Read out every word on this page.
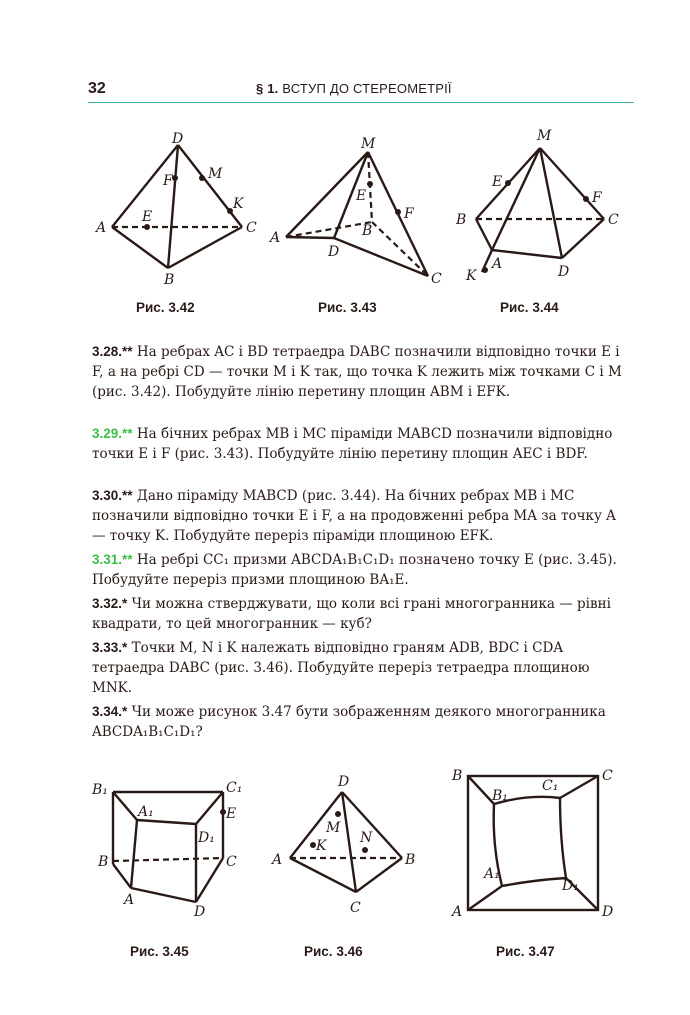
32	§ 1. ВСТУП ДО СТЕРЕОМЕТРІЇ
D
F	M
K
A
E
C
B
Рис. 3.42
M
E
F
B
A
D
C
Рис. 3.43
M
E
F
B	C
K
A	D
Рис. 3.44
3.28.** На ребрах AC і BD тетраедра DABC позначили відповідно точки E і F, а на ребрі CD — точки M і K так, що точка K лежить між точками C і M (рис. 3.42). Побудуйте лінію перетину площин ABM і EFK.
3.29.** На бічних ребрах MB і MC піраміди MABCD позначили відповідно точки E і F (рис. 3.43). Побудуйте лінію перетину площин AEC і BDF.
3.30.** Дано піраміду MABCD (рис. 3.44). На бічних ребрах MB і MC позначили відповідно точки E і F, а на продовженні ребра MA за точку A — точку K. Побудуйте переріз піраміди площиною EFK.
3.31.** На ребрі CC₁ призми ABCDA₁B₁C₁D₁ позначено точку E (рис. 3.45). Побудуйте переріз призми площиною BA₁E.
3.32.* Чи можна стверджувати, що коли всі грані многогранника — рівні квадрати, то цей многогранник — куб?
3.33.* Точки M, N і K належать відповідно граням ADB, BDC і CDA тетраедра DABC (рис. 3.46). Побудуйте переріз тетраедра площиною MNK.
3.34.* Чи може рисунок 3.47 бути зображенням деякого многогранника ABCDA₁B₁C₁D₁?
B₁	C₁
A₁	E
D₁
B	C
A
D
Рис. 3.45
D
M
N
K
A	B
C
Рис. 3.46
B	C
B₁
C₁
A₁
D₁
A	D
Рис. 3.47
